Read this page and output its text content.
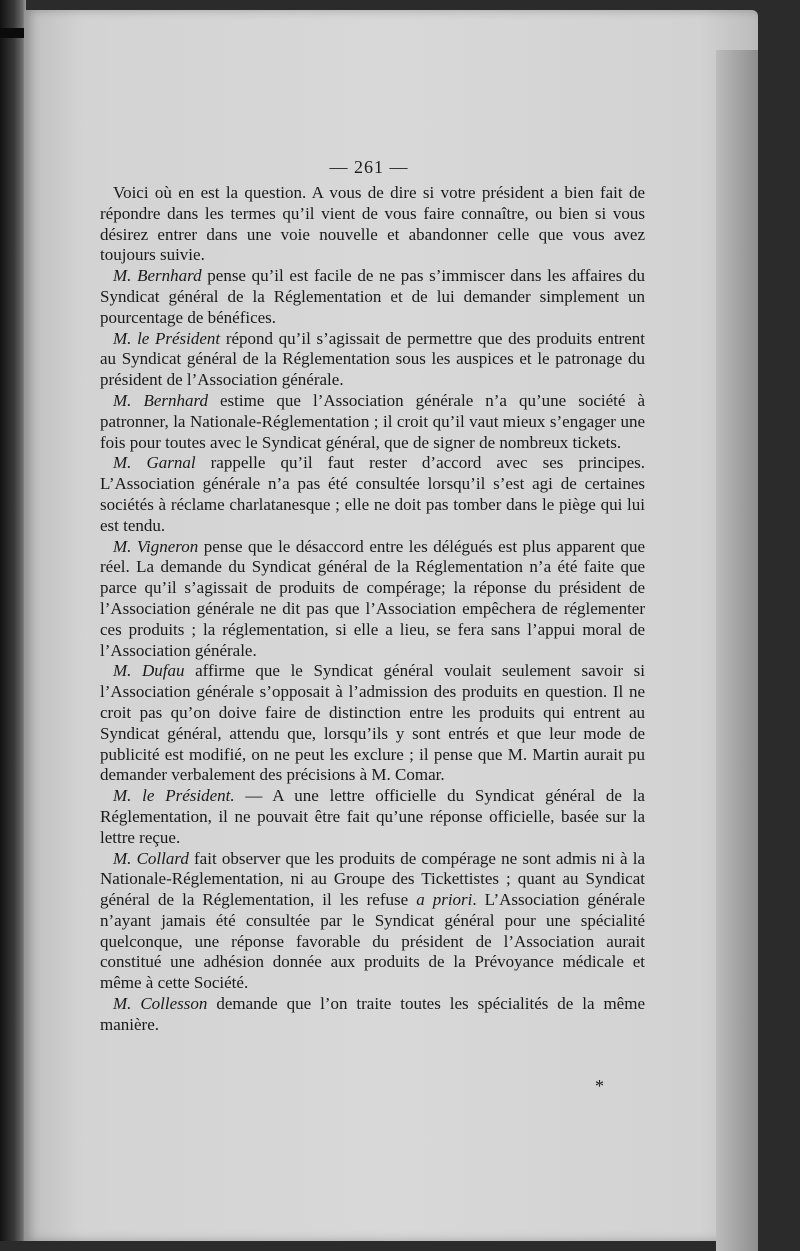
— 261 —

Voici où en est la question. A vous de dire si votre président a bien fait de répondre dans les termes qu’il vient de vous faire connaître, ou bien si vous désirez entrer dans une voie nouvelle et abandonner celle que vous avez toujours suivie.

M. Bernhard pense qu’il est facile de ne pas s’immiscer dans les affaires du Syndicat général de la Réglementation et de lui demander simplement un pourcentage de bénéfices.

M. le Président répond qu’il s’agissait de permettre que des produits entrent au Syndicat général de la Réglementation sous les auspices et le patronage du président de l’Association générale.

M. Bernhard estime que l’Association générale n’a qu’une société à patronner, la Nationale-Réglementation ; il croit qu’il vaut mieux s’engager une fois pour toutes avec le Syndicat général, que de signer de nombreux tickets.

M. Garnal rappelle qu’il faut rester d’accord avec ses principes. L’Association générale n’a pas été consultée lorsqu’il s’est agi de certaines sociétés à réclame charlatanesque ; elle ne doit pas tomber dans le piège qui lui est tendu.

M. Vigneron pense que le désaccord entre les délégués est plus apparent que réel. La demande du Syndicat général de la Réglementation n’a été faite que parce qu’il s’agissait de produits de compérage; la réponse du président de l’Association générale ne dit pas que l’Association empêchera de réglementer ces produits ; la réglementation, si elle a lieu, se fera sans l’appui moral de l’Association générale.

M. Dufau affirme que le Syndicat général voulait seulement savoir si l’Association générale s’opposait à l’admission des produits en question. Il ne croit pas qu’on doive faire de distinction entre les produits qui entrent au Syndicat général, attendu que, lorsqu’ils y sont entrés et que leur mode de publicité est modifié, on ne peut les exclure ; il pense que M. Martin aurait pu demander verbalement des précisions à M. Comar.

M. le Président. — A une lettre officielle du Syndicat général de la Réglementation, il ne pouvait être fait qu’une réponse officielle, basée sur la lettre reçue.

M. Collard fait observer que les produits de compérage ne sont admis ni à la Nationale-Réglementation, ni au Groupe des Tickettistes ; quant au Syndicat général de la Réglementation, il les refuse a priori. L’Association générale n’ayant jamais été consultée par le Syndicat général pour une spécialité quelconque, une réponse favorable du président de l’Association aurait constitué une adhésion donnée aux produits de la Prévoyance médicale et même à cette Société.

M. Collesson demande que l’on traite toutes les spécialités de la même manière.

*
